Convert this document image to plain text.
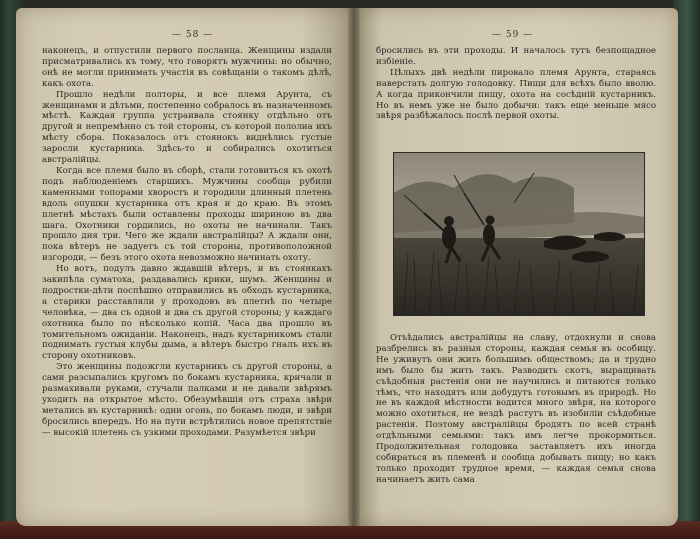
— 58 —	— 59 —

наконецъ, и отпустили первого посланца. Женщины издали присматривались къ тому, что говорятъ мужчины: но обычно, онѣ не могли принимать участія въ совѣщаніи о такомъ дѣлѣ, какъ охота.

Прошло недѣли полторы, и все племя Арунта, съ женщинами и дѣтьми, постепенно собралось въ назначенномъ мѣстѣ. Каждая группа устраивала стоянку отдѣльно отъ другой и непремѣнно съ той стороны, съ которой пололиа ихъ мѣсту сбора. Показалось отъ стоянокъ виднѣлись густые заросли кустарника. Здѣсь-то и собирались охотиться австралійцы.

Когда все племя было въ сборѣ, стали готовиться къ охотѣ подъ наблюденіемъ старшихъ. Мужчины сообща рубили каменными топорами хворостъ и городили длинный плетень вдоль опушки кустарника отъ края и до краю. Въ этомъ плетнѣ мѣстахъ были оставлены проходы шириною въ два шага. Охотники гордились, но охоты не начинали. Такъ прошло дня три. Чего же ждали австралійцы? А ждали они, пока вѣтеръ не задуетъ съ той стороны, противоположной изгороди, — безъ этого охота невозможно начинать охоту.

Но вотъ, подулъ давно ждавшій вѣтеръ, и въ стоянкахъ закипѣла суматоха, раздавались крики, шумъ. Женщины и подростки-дѣти поспѣшно отправились въ обходъ кустарника, а старики расставляли у проходовъ въ плетнѣ по четыре человѣка, — два съ одной и два съ другой стороны; у каждаго охотника было по нѣсколько копій. Часа два прошло въ томительномъ ожиданіи. Наконецъ, надъ кустарникомъ стали поднимать густыя клубы дыма, а вѣтеръ быстро гналъ ихъ въ сторону охотниковъ.

Это женщины подожгли кустарникъ съ другой стороны, а сами разсыпались кругомъ по бокамъ кустарника, кричали и размахивали руками, стучали палками и не давали звѣрямъ уходить на открытое мѣсто. Обезумѣвшія отъ страха звѣри метались въ кустарникѣ: одни огонь, по бокамъ люди, и звѣри бросились впередъ. Но на пути встрѣтились новое препятствіе — высокій плетень съ узкими проходами. Разумѣется звѣри

бросились въ эти проходы. И началось тутъ безпощадное избіеніе.

Цѣлыхъ двѣ недѣли пировало племя Арунта, стараясь наверстать долгую голодовку. Пищи для всѣхъ было вволю. А когда прикончили пищу, охота на сосѣдній кустарникъ. Но въ немъ уже не было добычи: такъ еще меньше мясо звѣря разбѣжалось послѣ первой охоты.

Отъѣдались австралійцы на славу, отдохнули и снова разбрелись въ разныя стороны, каждая семья въ особицу. Не уживутъ они жить большимъ обществомъ; да и трудно имъ было бы жить такъ. Разводить скотъ, выращивать съѣдобныя растенія они не научились и питаются только тѣмъ, что находятъ или добудутъ готовымъ въ природѣ. Но не въ каждой мѣстности водится много звѣря, на которого можно охотиться, не вездѣ растутъ въ изобиліи съѣдобные растенія. Поэтому австралійцы бродятъ по всей странѣ отдѣльными семьями: такъ имъ легче прокормиться. Продолжительная голодовка заставляетъ ихъ иногда собираться въ племенѣ и сообща добывать пищу; но какъ только проходит трудное время, — каждая семья снова начинаетъ жить сама
